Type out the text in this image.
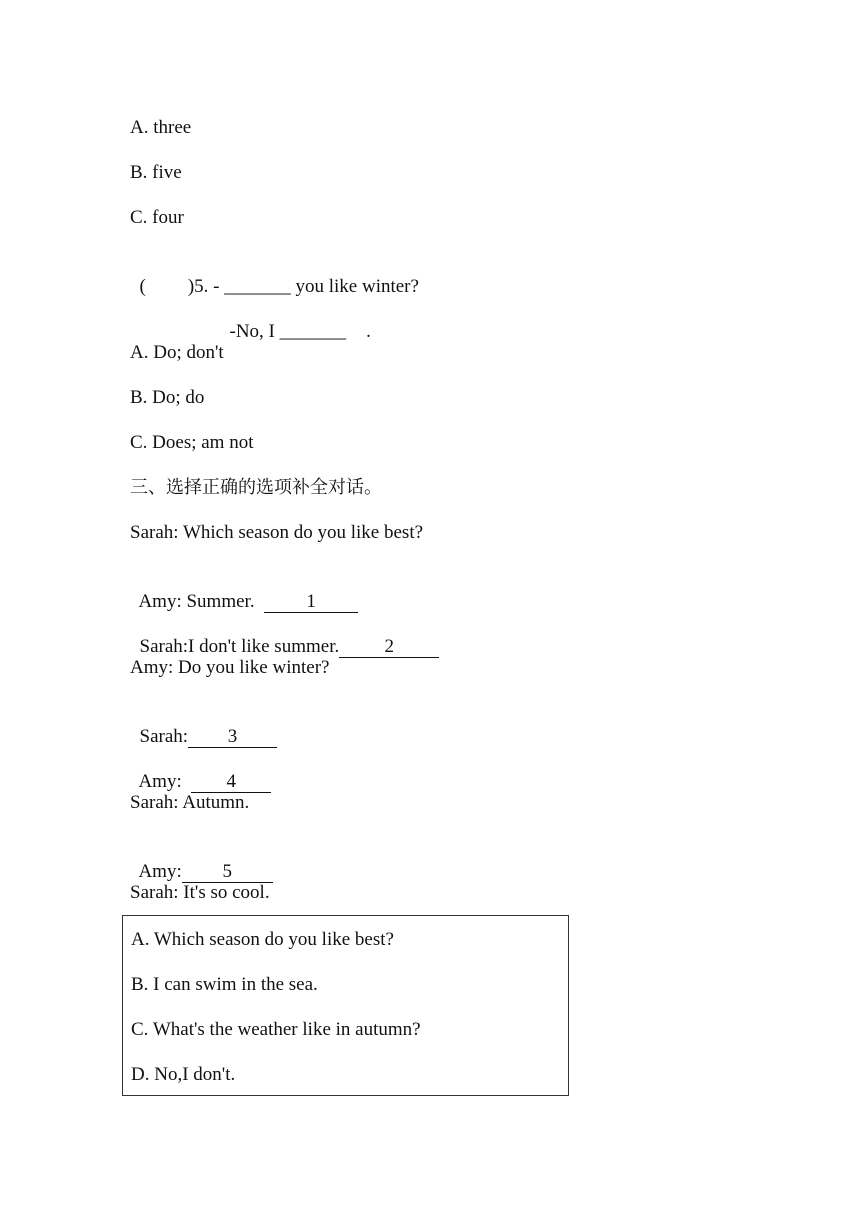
A. three
B. five
C. four

( )5. - _______ you like winter?

-No, I _______ .

A. Do; don't
B. Do; do
C. Does; am not
三、选择正确的选项补全对话。
Sarah: Which season do you like best?

Amy: Summer.	1

Sarah:I don't like summer. 2

Amy: Do you like winter?

Sarah: 3

Amy: 4

Sarah: Autumn.

Amy: 5

Sarah: It's so cool.
A. Which season do you like best?
B. I can swim in the sea.
C. What's the weather like in autumn?
D. No,I don't.
